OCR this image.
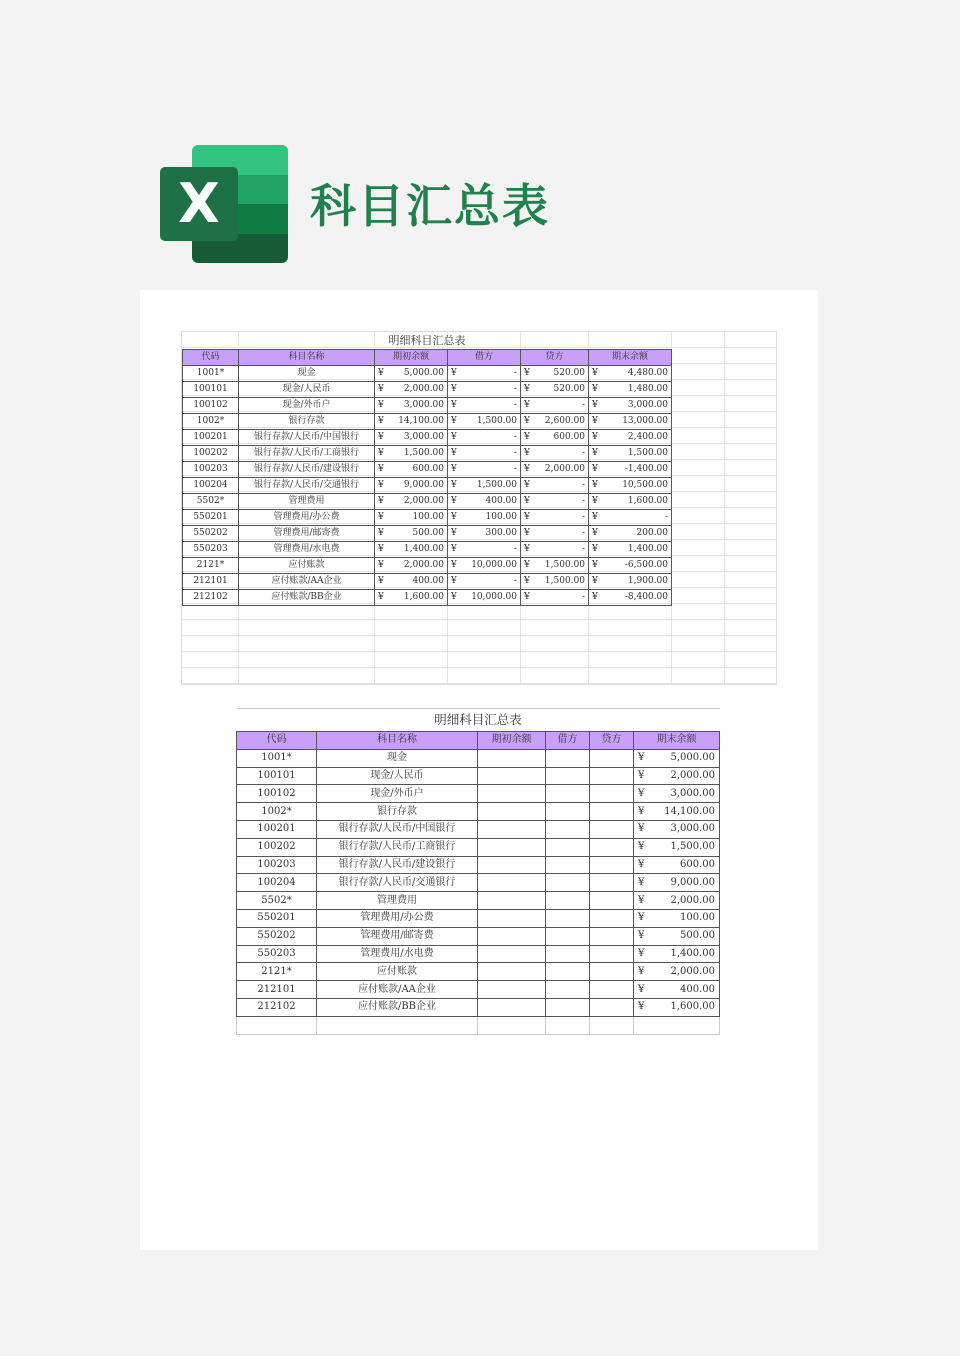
X	科目汇总表
明细科目汇总表					
代码	科目名称	期初余额	借方	贷方	期末余额
1001*	现金	¥ 5,000.00	¥ -	¥ 520.00	¥ 4,480.00

100101	现金/人民币	¥ 2,000.00	¥ -	¥ 520.00	¥ 1,480.00

100102	现金/外币户	¥ 3,000.00	¥ -	¥ -	¥ 3,000.00

1002*	银行存款	¥ 14,100.00	¥ 1,500.00	¥ 2,600.00	¥ 13,000.00

100201	银行存款/人民币/中国银行	¥ 3,000.00	¥ -	¥ 600.00	¥ 2,400.00

100202	银行存款/人民币/工商银行	¥ 1,500.00	¥ -	¥ -	¥ 1,500.00

100203	银行存款/人民币/建设银行	¥ 600.00	¥ -	¥ 2,000.00	¥ -1,400.00

100204	银行存款/人民币/交通银行	¥ 9,000.00	¥ 1,500.00	¥ -	¥ 10,500.00

5502*	管理费用	¥ 2,000.00	¥ 400.00	¥ -	¥ 1,600.00

550201	管理费用/办公费	¥ 100.00	¥ 100.00	¥ -	¥ -

550202	管理费用/邮寄费	¥ 500.00	¥ 300.00	¥ -	¥ 200.00

550203	管理费用/水电费	¥ 1,400.00	¥ -	¥ -	¥ 1,400.00

2121*	应付账款	¥ 2,000.00	¥ 10,000.00	¥ 1,500.00	¥ -6,500.00

212101	应付账款/AA企业	¥ 400.00	¥ -	¥ 1,500.00	¥ 1,900.00

212102	应付账款/BB企业	¥ 1,600.00	¥ 10,000.00	¥ -	¥ -8,400.00
明细科目汇总表					
代码	科目名称	期初余额	借方	贷方	期末余额
1001*	现金				¥ 5,000.00

100101	现金/人民币				¥ 2,000.00

100102	现金/外币户				¥ 3,000.00

1002*	银行存款				¥ 14,100.00

100201	银行存款/人民币/中国银行				¥ 3,000.00

100202	银行存款/人民币/工商银行				¥ 1,500.00

100203	银行存款/人民币/建设银行				¥ 600.00

100204	银行存款/人民币/交通银行				¥ 9,000.00

5502*	管理费用				¥ 2,000.00

550201	管理费用/办公费				¥ 100.00

550202	管理费用/邮寄费				¥ 500.00

550203	管理费用/水电费				¥ 1,400.00

2121*	应付账款				¥ 2,000.00

212101	应付账款/AA企业				¥ 400.00

212102	应付账款/BB企业				¥ 1,600.00
